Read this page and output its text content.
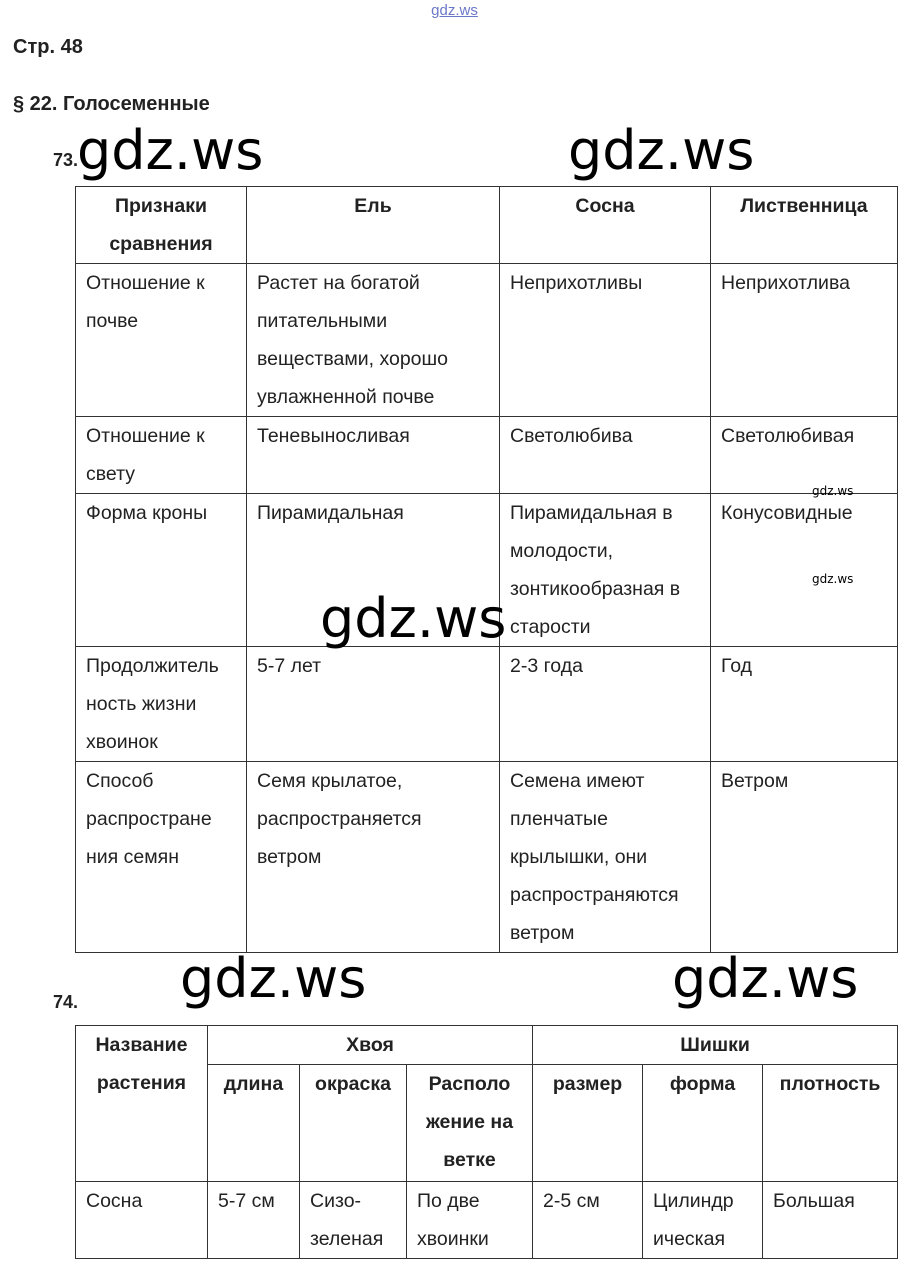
gdz.ws
Стр. 48
§ 22. Голосеменные
73.
Признаки сравнения	Ель	Сосна	Лиственница
Отношение к почве	Растет на богатой питательными веществами, хорошо увлажненной почве	Неприхотливы	Неприхотлива
Отношение к свету	Теневыносливая	Светолюбива	Светолюбивая
Форма кроны	Пирамидальная	Пирамидальная в молодости, зонтикообразная в старости	Конусовидные
Продолжитель ность жизни хвоинок	5-7 лет	2-3 года	Год
Способ распростране ния семян	Семя крылатое, распространяется ветром	Семена имеют пленчатые крылышки, они распространяются ветром	Ветром
74.
Название растения	Хвоя			Шишки		
	длина	окраска	Располо жение на ветке	размер	форма	плотность
Сосна	5-7 см	Сизо- зеленая	По две хвоинки	2-5 см	Цилиндр ическая	Большая
gdz.ws	gdz.ws
gdz.ws
gdz.ws	gdz.ws
gdz.ws
gdz.ws
